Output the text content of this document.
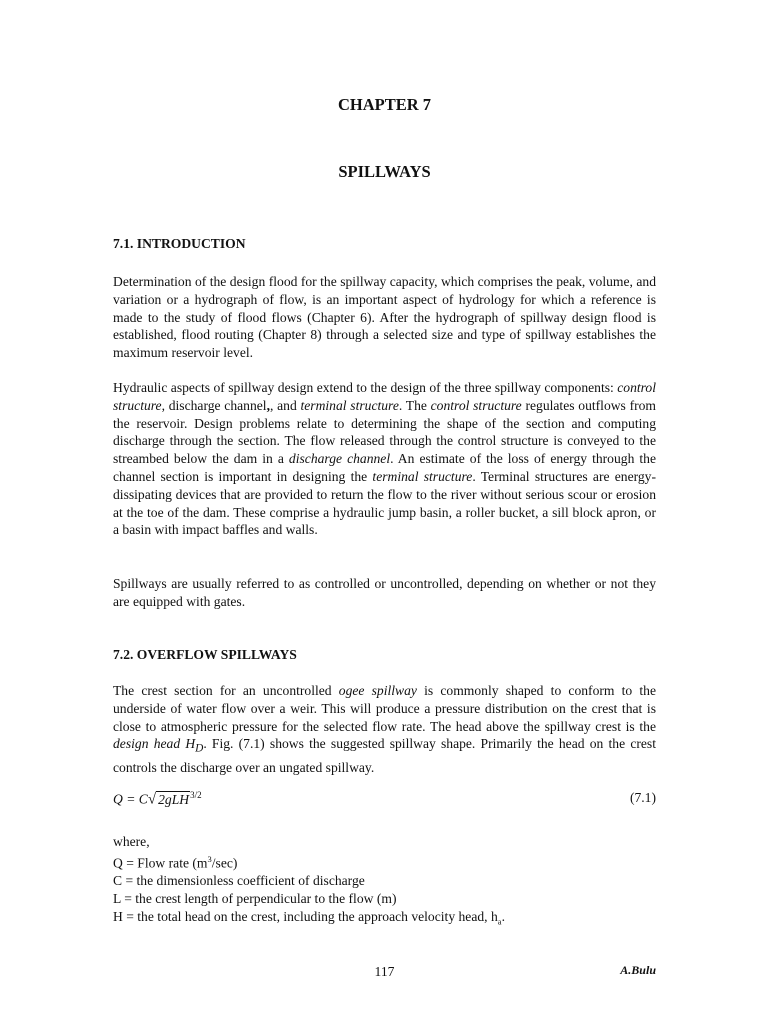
CHAPTER 7
SPILLWAYS
7.1. INTRODUCTION

Determination of the design flood for the spillway capacity, which comprises the peak, volume, and variation or a hydrograph of flow, is an important aspect of hydrology for which a reference is made to the study of flood flows (Chapter 6). After the hydrograph of spillway design flood is established, flood routing (Chapter 8) through a selected size and type of spillway establishes the maximum reservoir level.

Hydraulic aspects of spillway design extend to the design of the three spillway components: control structure, discharge channel,, and terminal structure. The control structure regulates outflows from the reservoir. Design problems relate to determining the shape of the section and computing discharge through the section. The flow released through the control structure is conveyed to the streambed below the dam in a discharge channel. An estimate of the loss of energy through the channel section is important in designing the terminal structure. Terminal structures are energy-dissipating devices that are provided to return the flow to the river without serious scour or erosion at the toe of the dam. These comprise a hydraulic jump basin, a roller bucket, a sill block apron, or a basin with impact baffles and walls.

Spillways are usually referred to as controlled or uncontrolled, depending on whether or not they are equipped with gates.

7.2. OVERFLOW SPILLWAYS

The crest section for an uncontrolled ogee spillway is commonly shaped to conform to the underside of water flow over a weir. This will produce a pressure distribution on the crest that is close to atmospheric pressure for the selected flow rate. The head above the spillway crest is the design head $H_D$. Fig. (7.1) shows the suggested spillway shape. Primarily the head on the crest controls the discharge over an ungated spillway.

Q = C√ 2gLH$^{3/2}$	(7.1)
where,
Q = Flow rate $(m^3/\sec)$
C = the dimensionless coefficient of discharge
L = the crest length of perpendicular to the flow (m)
H = the total head on the crest, including the approach velocity head, $h_a$.
117	A.Bulu
